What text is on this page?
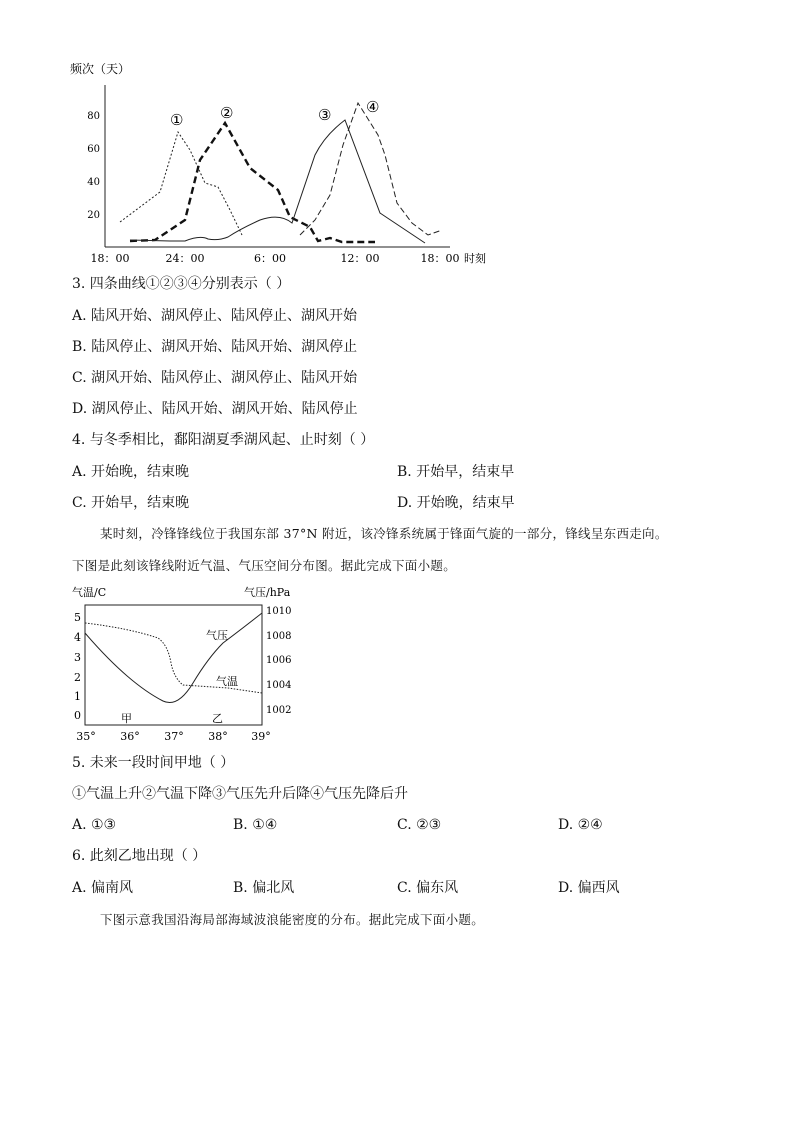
频次（天）
20
40
60
80
18：00	24：00	6：00	12：00	18：00 时刻
① ②	③ ④
3. 四条曲线①②③④分别表示（ ）
A. 陆风开始、湖风停止、陆风停止、湖风开始
B. 陆风停止、湖风开始、陆风开始、湖风停止
C. 湖风开始、陆风停止、湖风停止、陆风开始
D. 湖风停止、陆风开始、湖风开始、陆风停止
4. 与冬季相比，鄱阳湖夏季湖风起、止时刻（ ）
A. 开始晚，结束晚	B. 开始早，结束早
C. 开始早，结束晚	D. 开始晚，结束早
某时刻，冷锋锋线位于我国东部 37°N 附近，该冷锋系统属于锋面气旋的一部分，锋线呈东西走向。
下图是此刻该锋线附近气温、气压空间分布图。据此完成下面小题。
气温/C	气压/hPa
0
1
2
3
4
5
1002
1004
1006
1008
1010
35° 36° 37° 38° 39°
气压
气温
甲	乙
5. 未来一段时间甲地（ ）
①气温上升②气温下降③气压先升后降④气压先降后升
A. ①③	B. ①④	C. ②③	D. ②④
6. 此刻乙地出现（ ）
A. 偏南风	B. 偏北风	C. 偏东风	D. 偏西风
下图示意我国沿海局部海域波浪能密度的分布。据此完成下面小题。
